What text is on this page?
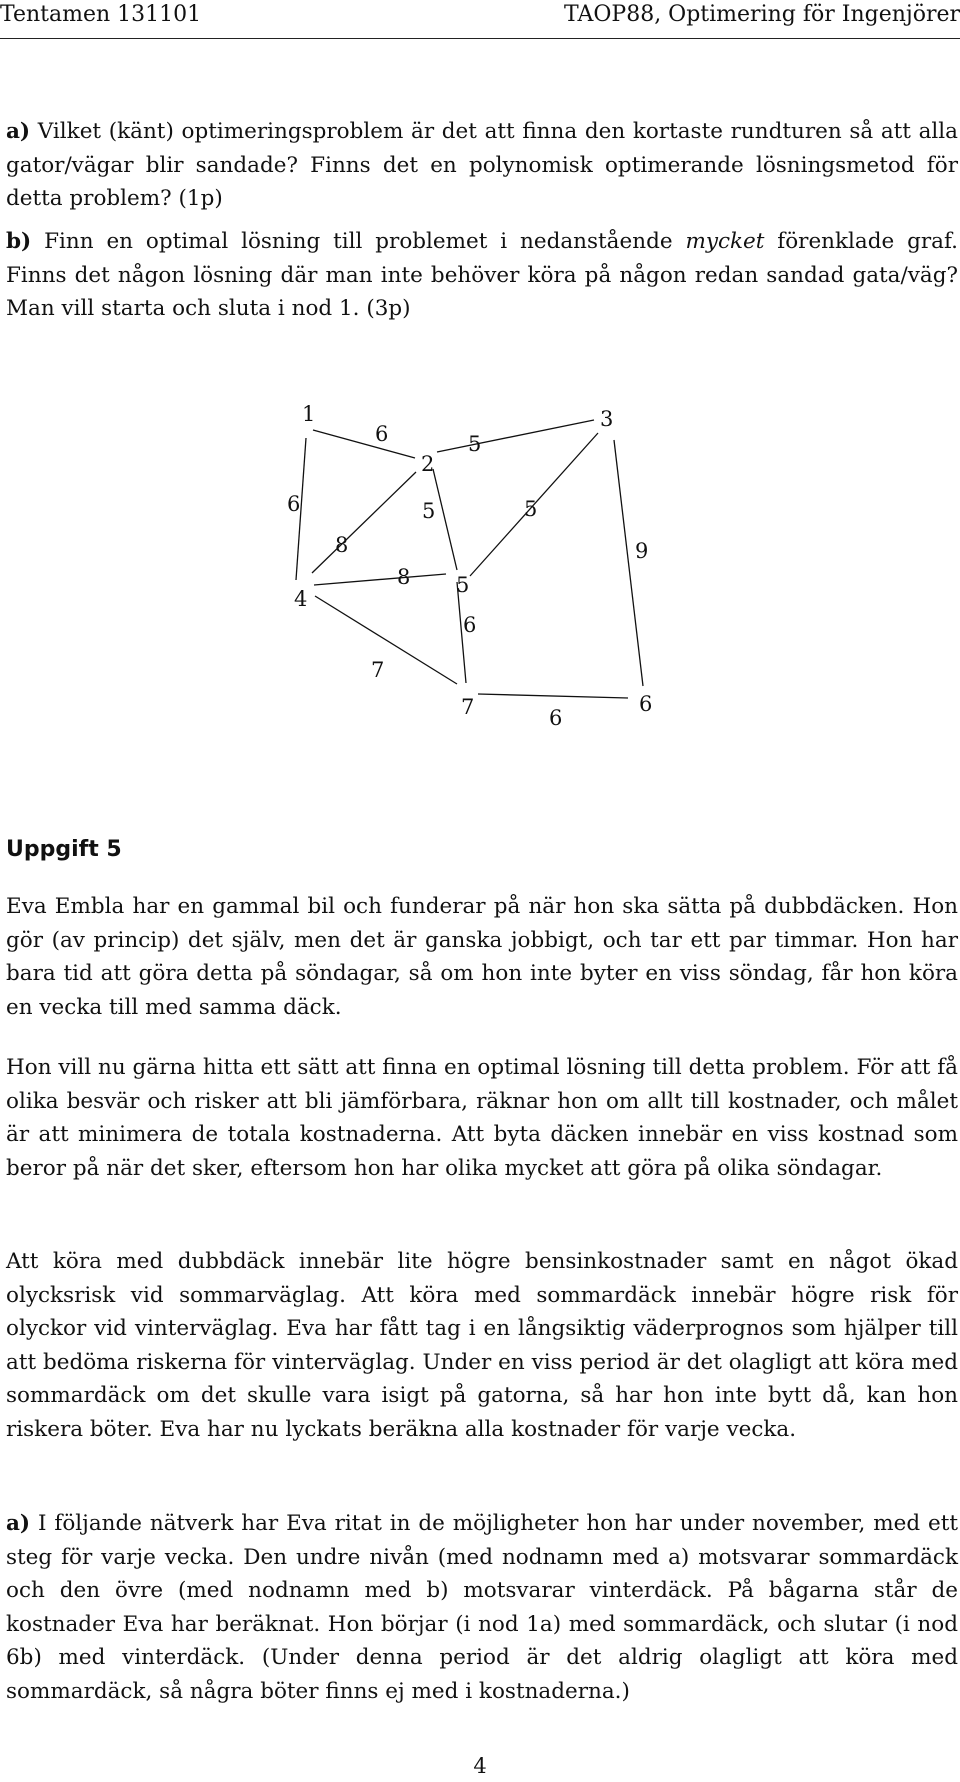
Tentamen 131101	TAOP88, Optimering för Ingenjörer
a) Vilket (känt) optimeringsproblem är det att finna den kortaste rundturen så att alla gator/vägar blir sandade? Finns det en polynomisk optimerande lösningsmetod för detta problem? (1p)
b) Finn en optimal lösning till problemet i nedanstående mycket förenklade graf. Finns det någon lösning där man inte behöver köra på någon redan sandad gata/väg? Man vill starta och sluta i nod 1. (3p)
1
2
3
4
5
6
7
6
6
5
5	5
9
8
8
7
6
6
Uppgift 5
Eva Embla har en gammal bil och funderar på när hon ska sätta på dubbdäcken. Hon gör (av princip) det själv, men det är ganska jobbigt, och tar ett par timmar. Hon har bara tid att göra detta på söndagar, så om hon inte byter en viss söndag, får hon köra en vecka till med samma däck.
Hon vill nu gärna hitta ett sätt att finna en optimal lösning till detta problem. För att få olika besvär och risker att bli jämförbara, räknar hon om allt till kostnader, och målet är att minimera de totala kostnaderna. Att byta däcken innebär en viss kostnad som beror på när det sker, eftersom hon har olika mycket att göra på olika söndagar.
Att köra med dubbdäck innebär lite högre bensinkostnader samt en något ökad olycksrisk vid sommarväglag. Att köra med sommardäck innebär högre risk för olyckor vid vinterväglag. Eva har fått tag i en långsiktig väderprognos som hjälper till att bedöma riskerna för vinterväglag. Under en viss period är det olagligt att köra med sommardäck om det skulle vara isigt på gatorna, så har hon inte bytt då, kan hon riskera böter. Eva har nu lyckats beräkna alla kostnader för varje vecka.
a) I följande nätverk har Eva ritat in de möjligheter hon har under november, med ett steg för varje vecka. Den undre nivån (med nodnamn med a) motsvarar sommardäck och den övre (med nodnamn med b) motsvarar vinterdäck. På bågarna står de kostnader Eva har beräknat. Hon börjar (i nod 1a) med sommardäck, och slutar (i nod 6b) med vinterdäck. (Under denna period är det aldrig olagligt att köra med sommardäck, så några böter finns ej med i kostnaderna.)
4
